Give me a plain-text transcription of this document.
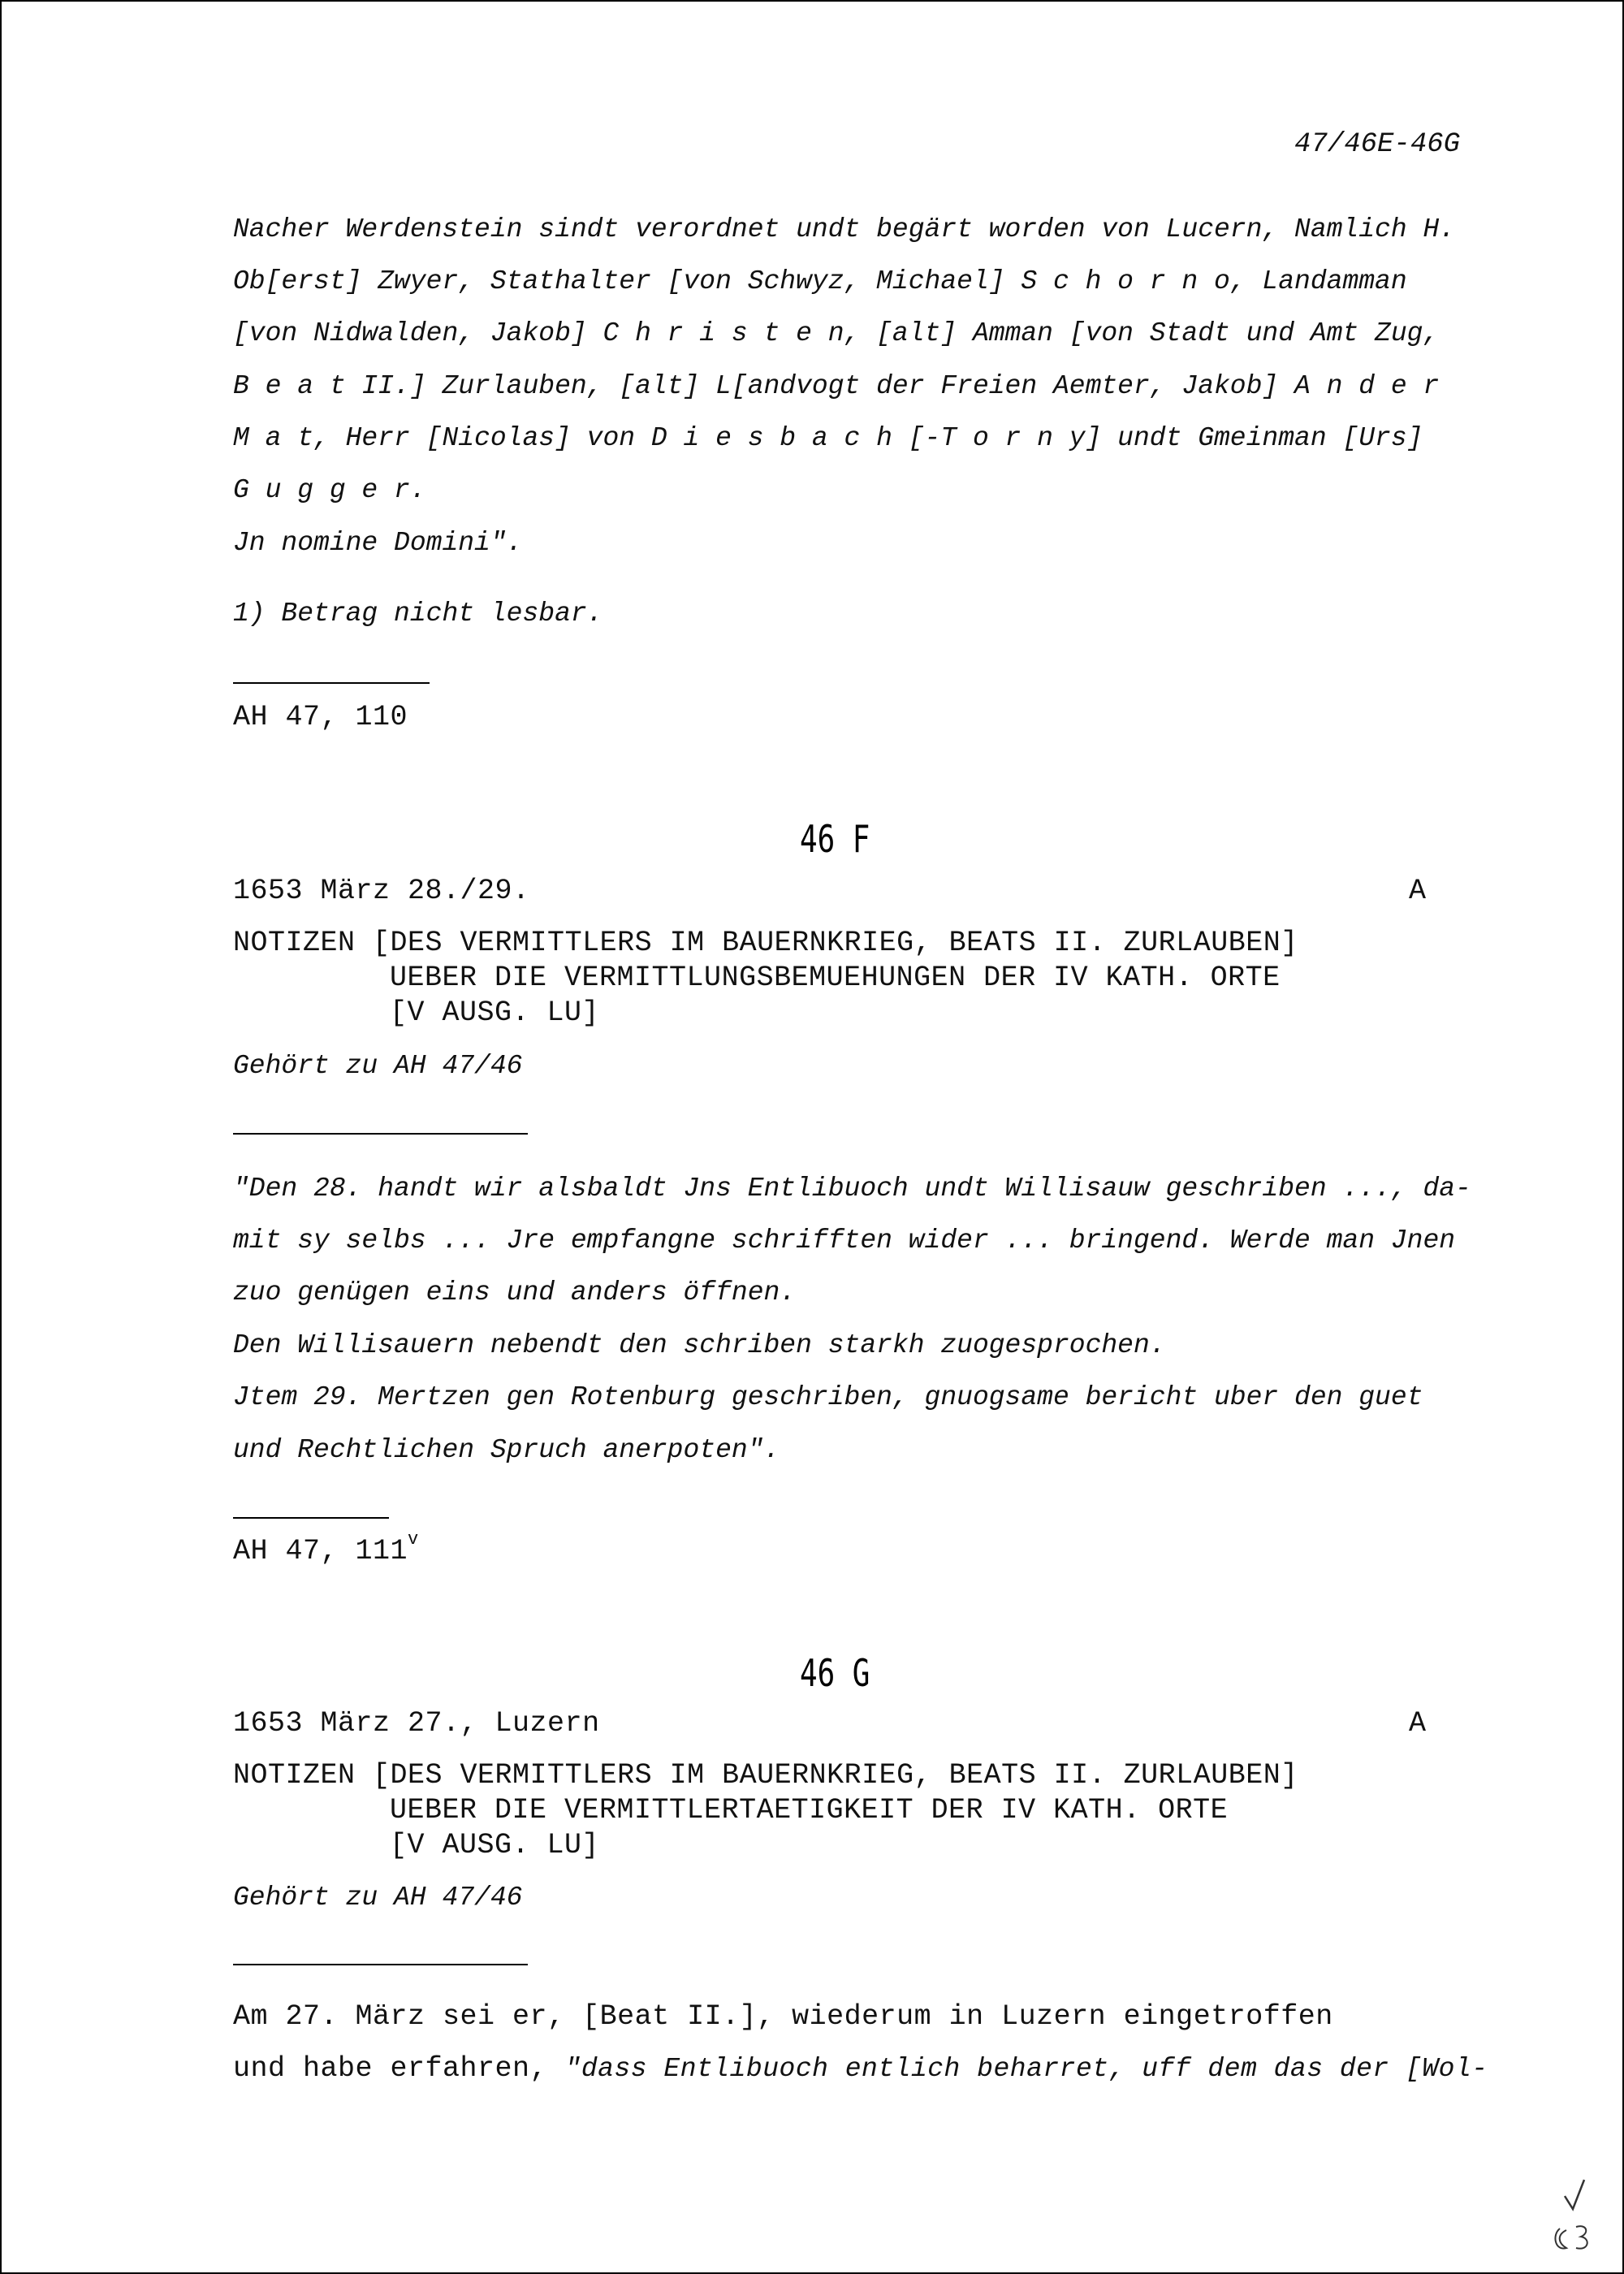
47/46E-46G
Nacher Werdenstein sindt verordnet undt begärt worden von Lucern, Namlich H.
Ob[erst] Zwyer, Stathalter [von Schwyz, Michael] S c h o r n o, Landamman
[von Nidwalden, Jakob] C h r i s t e n, [alt] Amman [von Stadt und Amt Zug,
B e a t II.] Zurlauben, [alt] L[andvogt der Freien Aemter, Jakob] A n d e r
M a t, Herr [Nicolas] von D i e s b a c h [-T o r n y] undt Gmeinman [Urs]
G u g g e r.
Jn nomine Domini".
1) Betrag nicht lesbar.
AH 47, 110
46 F
1653 März 28./29.	A
NOTIZEN [DES VERMITTLERS IM BAUERNKRIEG, BEATS II. ZURLAUBEN]
UEBER DIE VERMITTLUNGSBEMUEHUNGEN DER IV KATH. ORTE
[V AUSG. LU]
Gehört zu AH 47/46
"Den 28. handt wir alsbaldt Jns Entlibuoch undt Willisauw geschriben ..., da-
mit sy selbs ... Jre empfangne schrifften wider ... bringend. Werde man Jnen
zuo genügen eins und anders öffnen.
Den Willisauern nebendt den schriben starkh zuogesprochen.
Jtem 29. Mertzen gen Rotenburg geschriben, gnuogsame bericht uber den guet
und Rechtlichen Spruch anerpoten".
AH 47, 111$^v$
46 G
1653 März 27., Luzern	A
NOTIZEN [DES VERMITTLERS IM BAUERNKRIEG, BEATS II. ZURLAUBEN]
UEBER DIE VERMITTLERTAETIGKEIT DER IV KATH. ORTE
[V AUSG. LU]
Gehört zu AH 47/46
Am 27. März sei er, [Beat II.], wiederum in Luzern eingetroffen
und habe erfahren, "dass Entlibuoch entlich beharret, uff dem das der [Wol-
